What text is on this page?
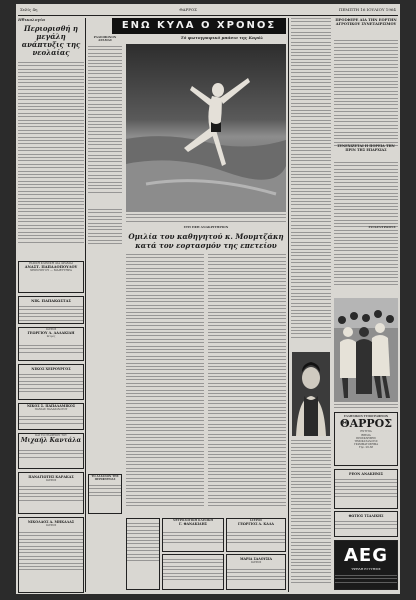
Σελίς 4η	ΘΑΡΡΟΣ	ΠΕΜΠΤΗ 16 ΙΟΥΛΙΟΥ 1964
Ηθικολογία
Περιορισθή η μεγάλη ανάπτυξις της νεολαίας
ΕΙΔΙΚΗ ΚΛΙΝΙΚΗ ΔΙΑ ΔΡΑΜΑΙ
ΑΝΑΣΤ. ΠΑΠΑΔΟΠΟΥΛΟΥ
ΧΕΙΡΟΥΡΓΟΥ — ΜΑΙΕΥΤΗΡΑ
ΝΙΚ. ΠΑΠΑΚΩΣΤΑΣ
ΙΑΤΡΟΣ
ΓΕΩΡΓΙΟΥ Λ. ΔΑΛΑΚΙΔΗ
Ιατρός
ΝΙΚΟΣ ΧΕΙΡΟΥΡΓΟΣ
ΝΙΚΟΣ Σ. ΠΑΠΑΛΑΜΙΚΟΣ
ΠΑΝΙΑΣ ΠΑΛΑΙΟΛΟΓΟΥ
ΚΑΙ ΤΟ ΓΡΑΦΕΙΟΝ ΤΟΥ
Μιχαήλ Καντάλα
ΠΑΝΑΓΙΩΤΗΣ ΚΑΡΑΚΑΣ
ΙΑΤΡΟΣ
ΝΙΚΟΛΑΟΣ Α. ΜΗΚΑΛΑΣ
ΙΑΤΡΟΣ
ΕΝΩ ΚΥΛΑ Ο ΧΡΟΝΟΣ
Τό φωτογραφικό μπάνιο της Καρόλ
ΡΑΔΙΟΦΩΝΟΝ
ΔΡΑΜΑΣ
ΣΤΗ ΕΦΗ ΑΝΑΚΡΙΤΗΡΙΟΝ
Ομιλία του καθηγητού κ. Μουμτζάκη κατά τον εορτασμόν της επετείου
ΤΟ ΔΑΣΑΝΟΝ ΤΗΣ ΠΕΡΙΦΕΡΕΙΑΣ
ΝΕΥΡΟΛΟΓΙΚΗ ΚΛΙΝΙΚΗ
Γ. ΦΑΝΑΚΙΔΗΣ
ΙΑΤΡΟΣ
ΓΕΩΡΓΙΟΣ Δ. ΚΑΛΑ
ΜΑΡΙΑ ΣΑΛΟΥΣΙΑ
ΙΑΤΡΟΣ
ΠΡΟΣΦΕΡΕ ΔΙΑ ΤΗΝ ΕΟΡΤΗΝ ΑΓΡΟΤΙΚΟΥ ΣΥΝΕΤΑΙΡΙΣΜΟΥ
ΣΥΝΕΧΙΖΕΤΑΙ Η ΠΟΡΕΙΑ ΤΗΝ ΠΡΙΝ ΤΗΣ ΕΠΑΡΧΙΑΣ
ΣΥΓΚΕΝΤΡΩΣΕΙΣ
ΕΛΛΗΝΙΚΟΝ ΤΥΠΟΓΡΑΦΕΙΟΝ
ΘΑΡΡΟΣ
ΕΝΤΥΠΑ
ΒΙΒΛΙΑ
ΠΡΟΣΚΛΗΣΕΙΣ
ΤΙΜΟΚΑΤΑΛΟΓΟΙ
ΓΡΑΜΜΑΤΟΣΗΜΑ
Τηλ. 26-38
ΡΕΟΝ ΑΝΑΚΗΝΙΣ
ΦΩΤΙΟΣ ΤΣΑΛΙΚΗΣ
AEG
ΥΨΗΛΗ ΕΓΓΥΗΣΙΣ
